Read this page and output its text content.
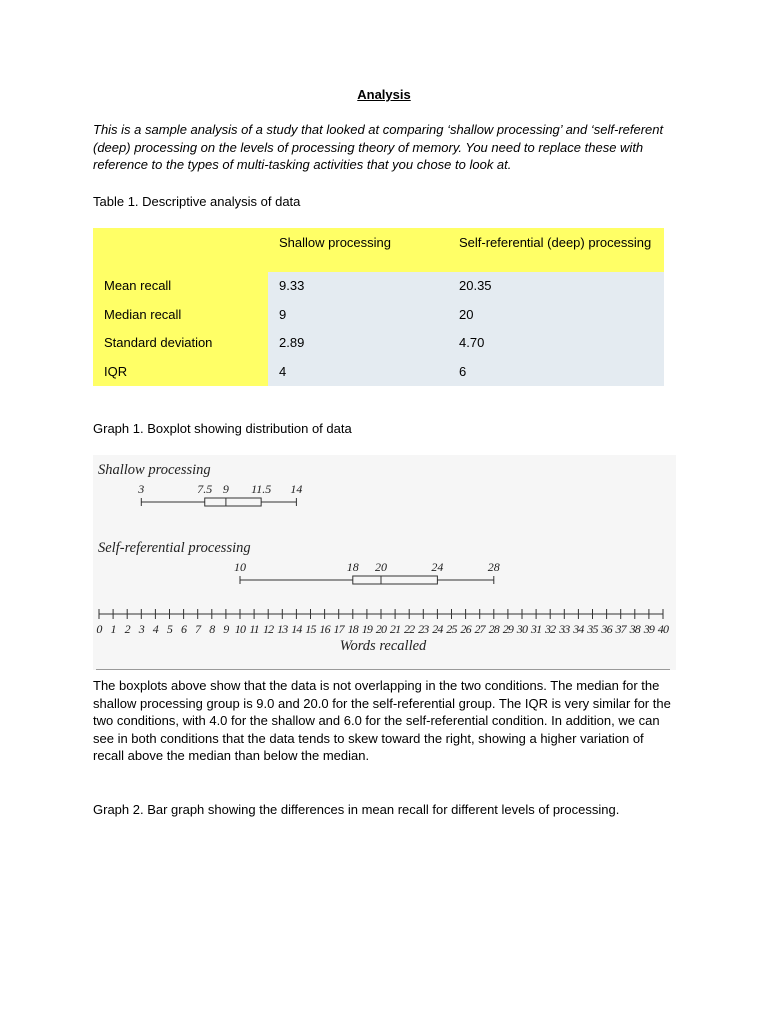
Analysis
This is a sample analysis of a study that looked at comparing ‘shallow processing’ and ‘self-referent (deep) processing on the levels of processing theory of memory. You need to replace these with reference to the types of multi-tasking activities that you chose to look at.
Table 1. Descriptive analysis of data
	Shallow processing	Self-referential (deep) processing
Mean recall	9.33	20.35
Median recall	9	20
Standard deviation	2.89	4.70
IQR	4	6
Graph 1. Boxplot showing distribution of data
Shallow processing
3	7.5 9 11.5 14
Self-referential processing
10	18 20	24	28
0 1 2 3 4 5 6 7 8 9 10 11 12 13 14 15 16 17 18 19 20 21 22 23 24 25 26 27 28 29 30 31 32 33 34 35 36 37 38 39 40
Words recalled
The boxplots above show that the data is not overlapping in the two conditions. The median for the shallow processing group is 9.0 and 20.0 for the self-referential group. The IQR is very similar for the two conditions, with 4.0 for the shallow and 6.0 for the self-referential condition. In addition, we can see in both conditions that the data tends to skew toward the right, showing a higher variation of recall above the median than below the median.
Graph 2. Bar graph showing the differences in mean recall for different levels of processing.
